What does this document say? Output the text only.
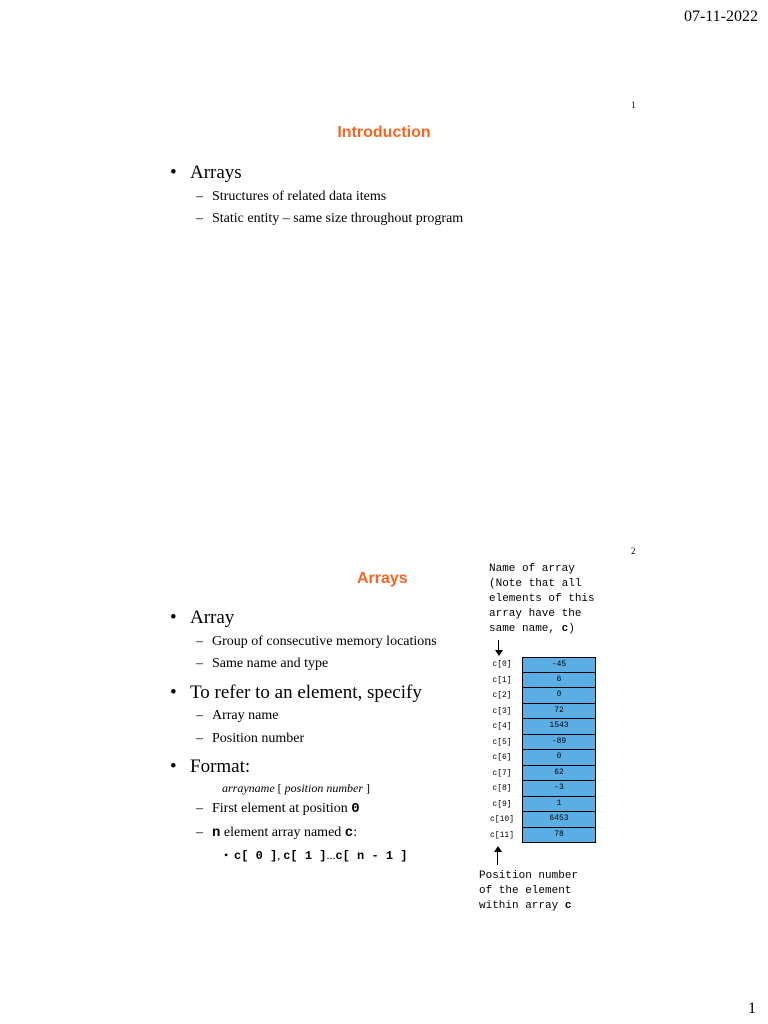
07-11-2022
1
1
Introduction
• Arrays
– Structures of related data items
– Static entity – same size throughout program
2
Arrays
• Array
– Group of consecutive memory locations
– Same name and type
• To refer to an element, specify
– Array name
– Position number
• Format:
arrayname [ position number ]
– First element at position 0
– n element array named c:
• c[ 0 ], c[ 1 ]...c[ n - 1 ]
Name of array
(Note that all
elements of this
array have the
same name, c)
c[0]	-45
c[1]	6
c[2]	0
c[3]	72
c[4]	1543
c[5]	-89
c[6]	0
c[7]	62
c[8]	-3
c[9]	1
c[10]	6453
c[11]	78
Position number
of the element
within array c
